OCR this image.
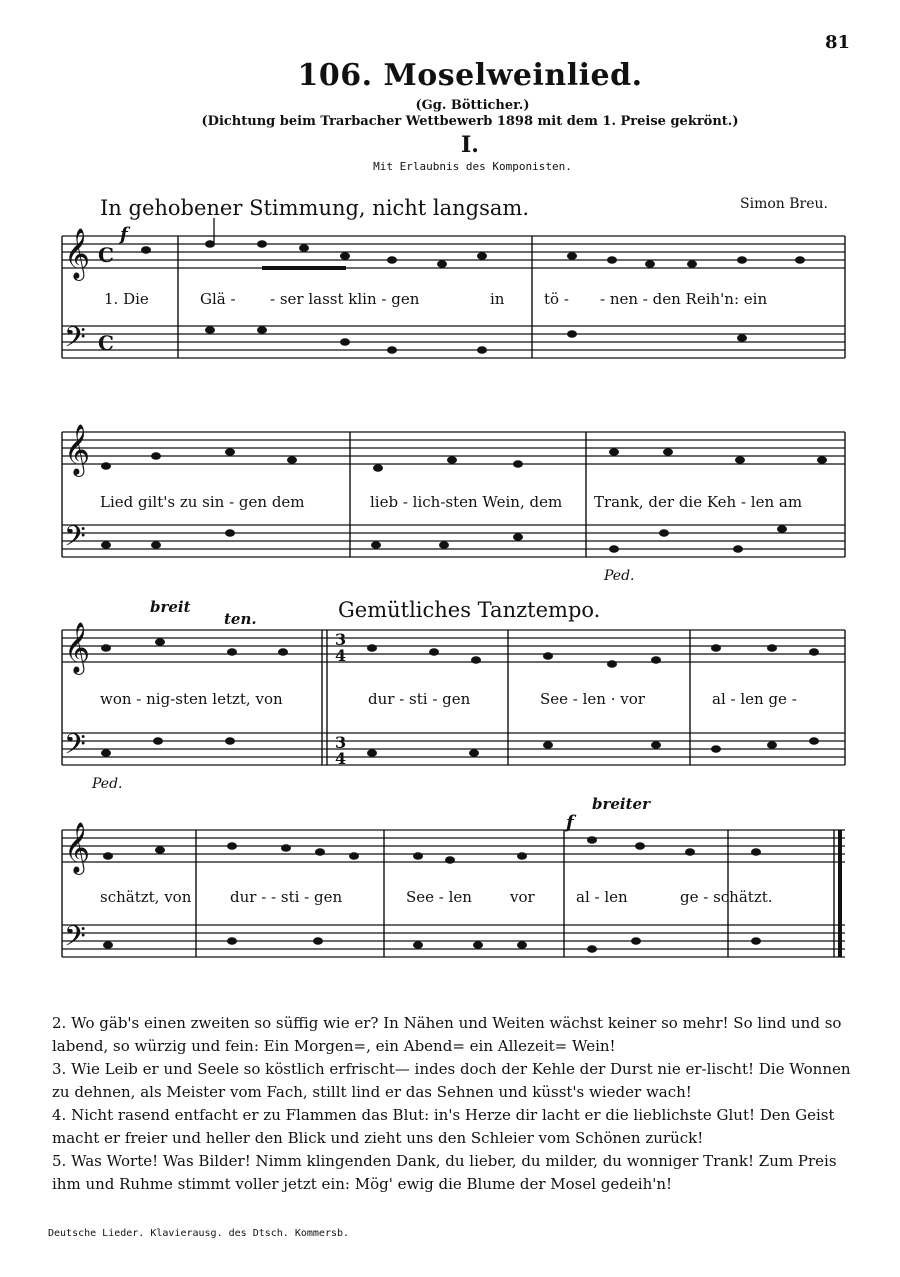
81
106. Moselweinlied.
(Gg. Bötticher.)
(Dichtung beim Trarbacher Wettbewerb 1898 mit dem 1. Preise gekrönt.)
I.
Mit Erlaubnis des Komponisten.
In gehobener Stimmung, nicht langsam.	Simon Breu.
Gemütliches Tanztempo.
breit
ten.
breiter
f
f
𝄞
𝄢
C
C
𝄞
𝄢
Ped.
𝄞
𝄢
3
4
3
4
Ped.
𝄞
𝄢
1. Die	Glä - - ser lasst klin - gen	in	tö - - nen - den Reih'n: ein
Lied gilt's zu sin - gen dem	lieb - lich-sten Wein, dem Trank, der die Keh - len am
won - nig-sten letzt, von	dur - sti - gen	See - len · vor	al - len ge -
schätzt, von	dur - - sti - gen	See - len	vor	al - len	ge - schätzt.

2. Wo gäb's einen zweiten so süffig wie er? In Nähen und Weiten wächst keiner so mehr! So lind und so labend, so würzig und fein: Ein Morgen=, ein Abend= ein Allezeit= Wein!

3. Wie Leib er und Seele so köstlich erfrischt— indes doch der Kehle der Durst nie er-lischt! Die Wonnen zu dehnen, als Meister vom Fach, stillt lind er das Sehnen und küsst's wieder wach!

4. Nicht rasend entfacht er zu Flammen das Blut: in's Herze dir lacht er die lieblichste Glut! Den Geist macht er freier und heller den Blick und zieht uns den Schleier vom Schönen zurück!

5. Was Worte! Was Bilder! Nimm klingenden Dank, du lieber, du milder, du wonniger Trank! Zum Preis ihm und Ruhme stimmt voller jetzt ein: Mög' ewig die Blume der Mosel gedeih'n!

Deutsche Lieder. Klavierausg. des Dtsch. Kommersb.
